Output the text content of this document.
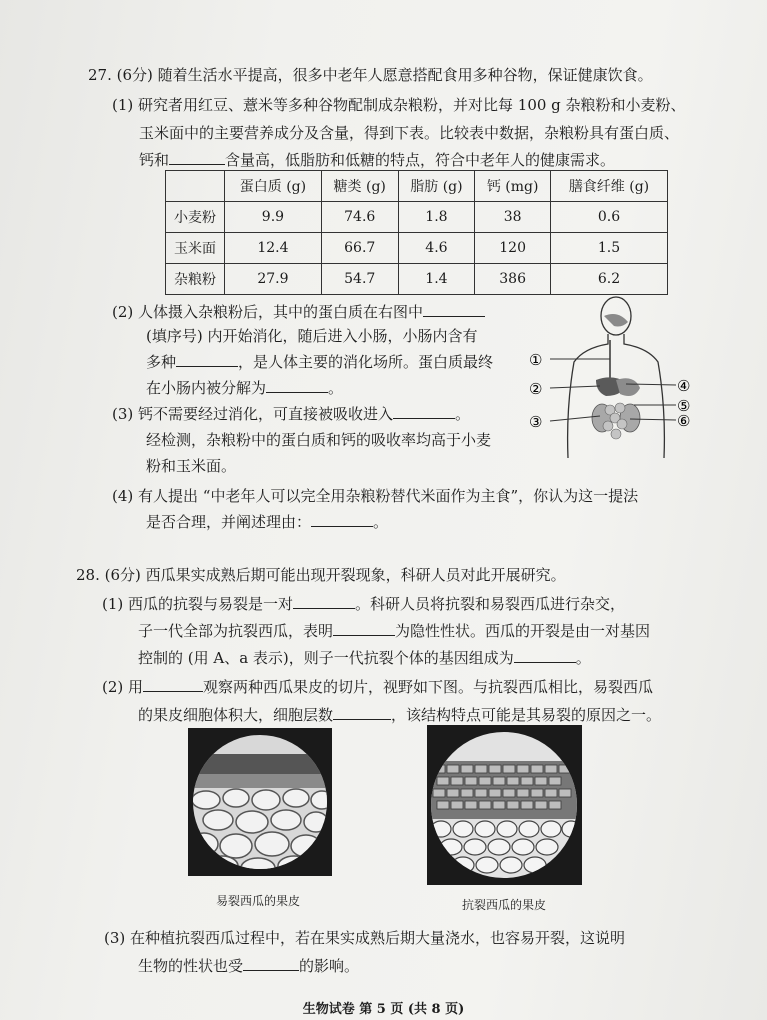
27. (6分) 随着生活水平提高，很多中老年人愿意搭配食用多种谷物，保证健康饮食。
(1) 研究者用红豆、薏米等多种谷物配制成杂粮粉，并对比每 100 g 杂粮粉和小麦粉、
玉米面中的主要营养成分及含量，得到下表。比较表中数据，杂粮粉具有蛋白质、
钙和	含量高，低脂肪和低糖的特点，符合中老年人的健康需求。
	蛋白质 (g)	糖类 (g)	脂肪 (g)	钙 (mg)	膳食纤维 (g)
小麦粉	9.9	74.6	1.8	38	0.6
玉米面	12.4	66.7	4.6	120	1.5
杂粮粉	27.9	54.7	1.4	386	6.2
(2) 人体摄入杂粮粉后，其中的蛋白质在右图中
(填序号) 内开始消化，随后进入小肠，小肠内含有
多种	，是人体主要的消化场所。蛋白质最终
在小肠内被分解为	。
(3) 钙不需要经过消化，可直接被吸收进入	。
经检测，杂粮粉中的蛋白质和钙的吸收率均高于小麦
粉和玉米面。
①
②
③
④
⑤
⑥
(4) 有人提出 “中老年人可以完全用杂粮粉替代米面作为主食”，你认为这一提法
是否合理，并阐述理由：	。
28. (6分) 西瓜果实成熟后期可能出现开裂现象，科研人员对此开展研究。
(1) 西瓜的抗裂与易裂是一对	。科研人员将抗裂和易裂西瓜进行杂交，
子一代全部为抗裂西瓜，表明	为隐性性状。西瓜的开裂是由一对基因
控制的 (用 A、a 表示)，则子一代抗裂个体的基因组成为	。
(2) 用	观察两种西瓜果皮的切片，视野如下图。与抗裂西瓜相比，易裂西瓜
的果皮细胞体积大，细胞层数	，该结构特点可能是其易裂的原因之一。
易裂西瓜的果皮	抗裂西瓜的果皮
(3) 在种植抗裂西瓜过程中，若在果实成熟后期大量浇水，也容易开裂，这说明
生物的性状也受	的影响。
生物试卷 第 5 页 (共 8 页)
